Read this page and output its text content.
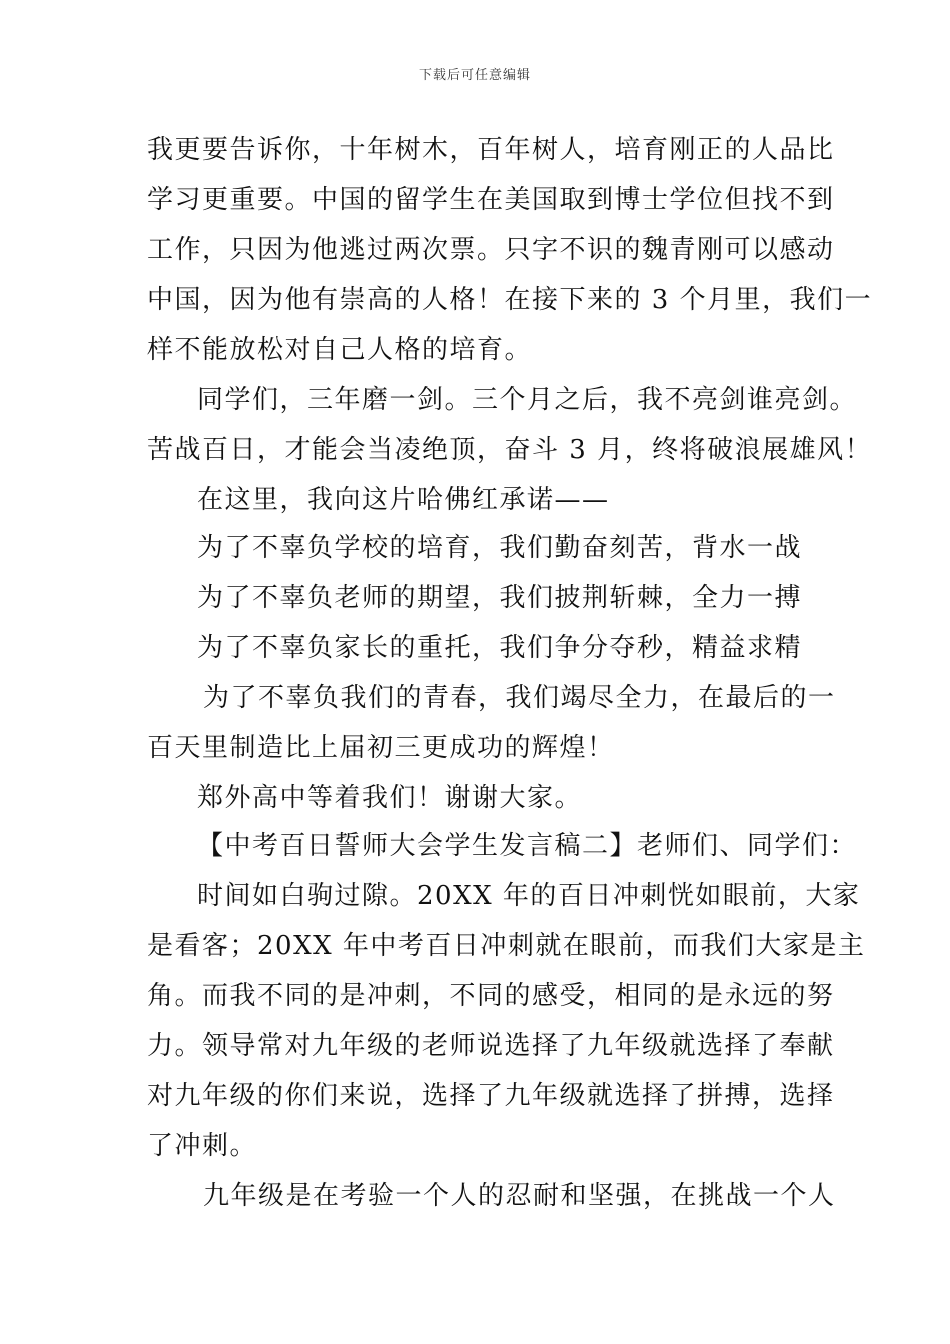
下载后可任意编辑
我更要告诉你，十年树木，百年树人，培育刚正的人品比
学习更重要。中国的留学生在美国取到博士学位但找不到
工作，只因为他逃过两次票。只字不识的魏青刚可以感动
中国，因为他有崇高的人格！在接下来的 3 个月里，我们一
样不能放松对自己人格的培育。
同学们，三年磨一剑。三个月之后，我不亮剑谁亮剑。
苦战百日，才能会当凌绝顶，奋斗 3 月，终将破浪展雄风！
在这里，我向这片哈佛红承诺——
为了不辜负学校的培育，我们勤奋刻苦，背水一战
为了不辜负老师的期望，我们披荆斩棘，全力一搏
为了不辜负家长的重托，我们争分夺秒，精益求精
为了不辜负我们的青春，我们竭尽全力，在最后的一
百天里制造比上届初三更成功的辉煌！
郑外高中等着我们！谢谢大家。
【中考百日誓师大会学生发言稿二】老师们、同学们：
时间如白驹过隙。20XX 年的百日冲刺恍如眼前，大家
是看客；20XX 年中考百日冲刺就在眼前，而我们大家是主
角。而我不同的是冲刺，不同的感受，相同的是永远的努
力。领导常对九年级的老师说选择了九年级就选择了奉献
对九年级的你们来说，选择了九年级就选择了拼搏，选择
了冲刺。
九年级是在考验一个人的忍耐和坚强，在挑战一个人
